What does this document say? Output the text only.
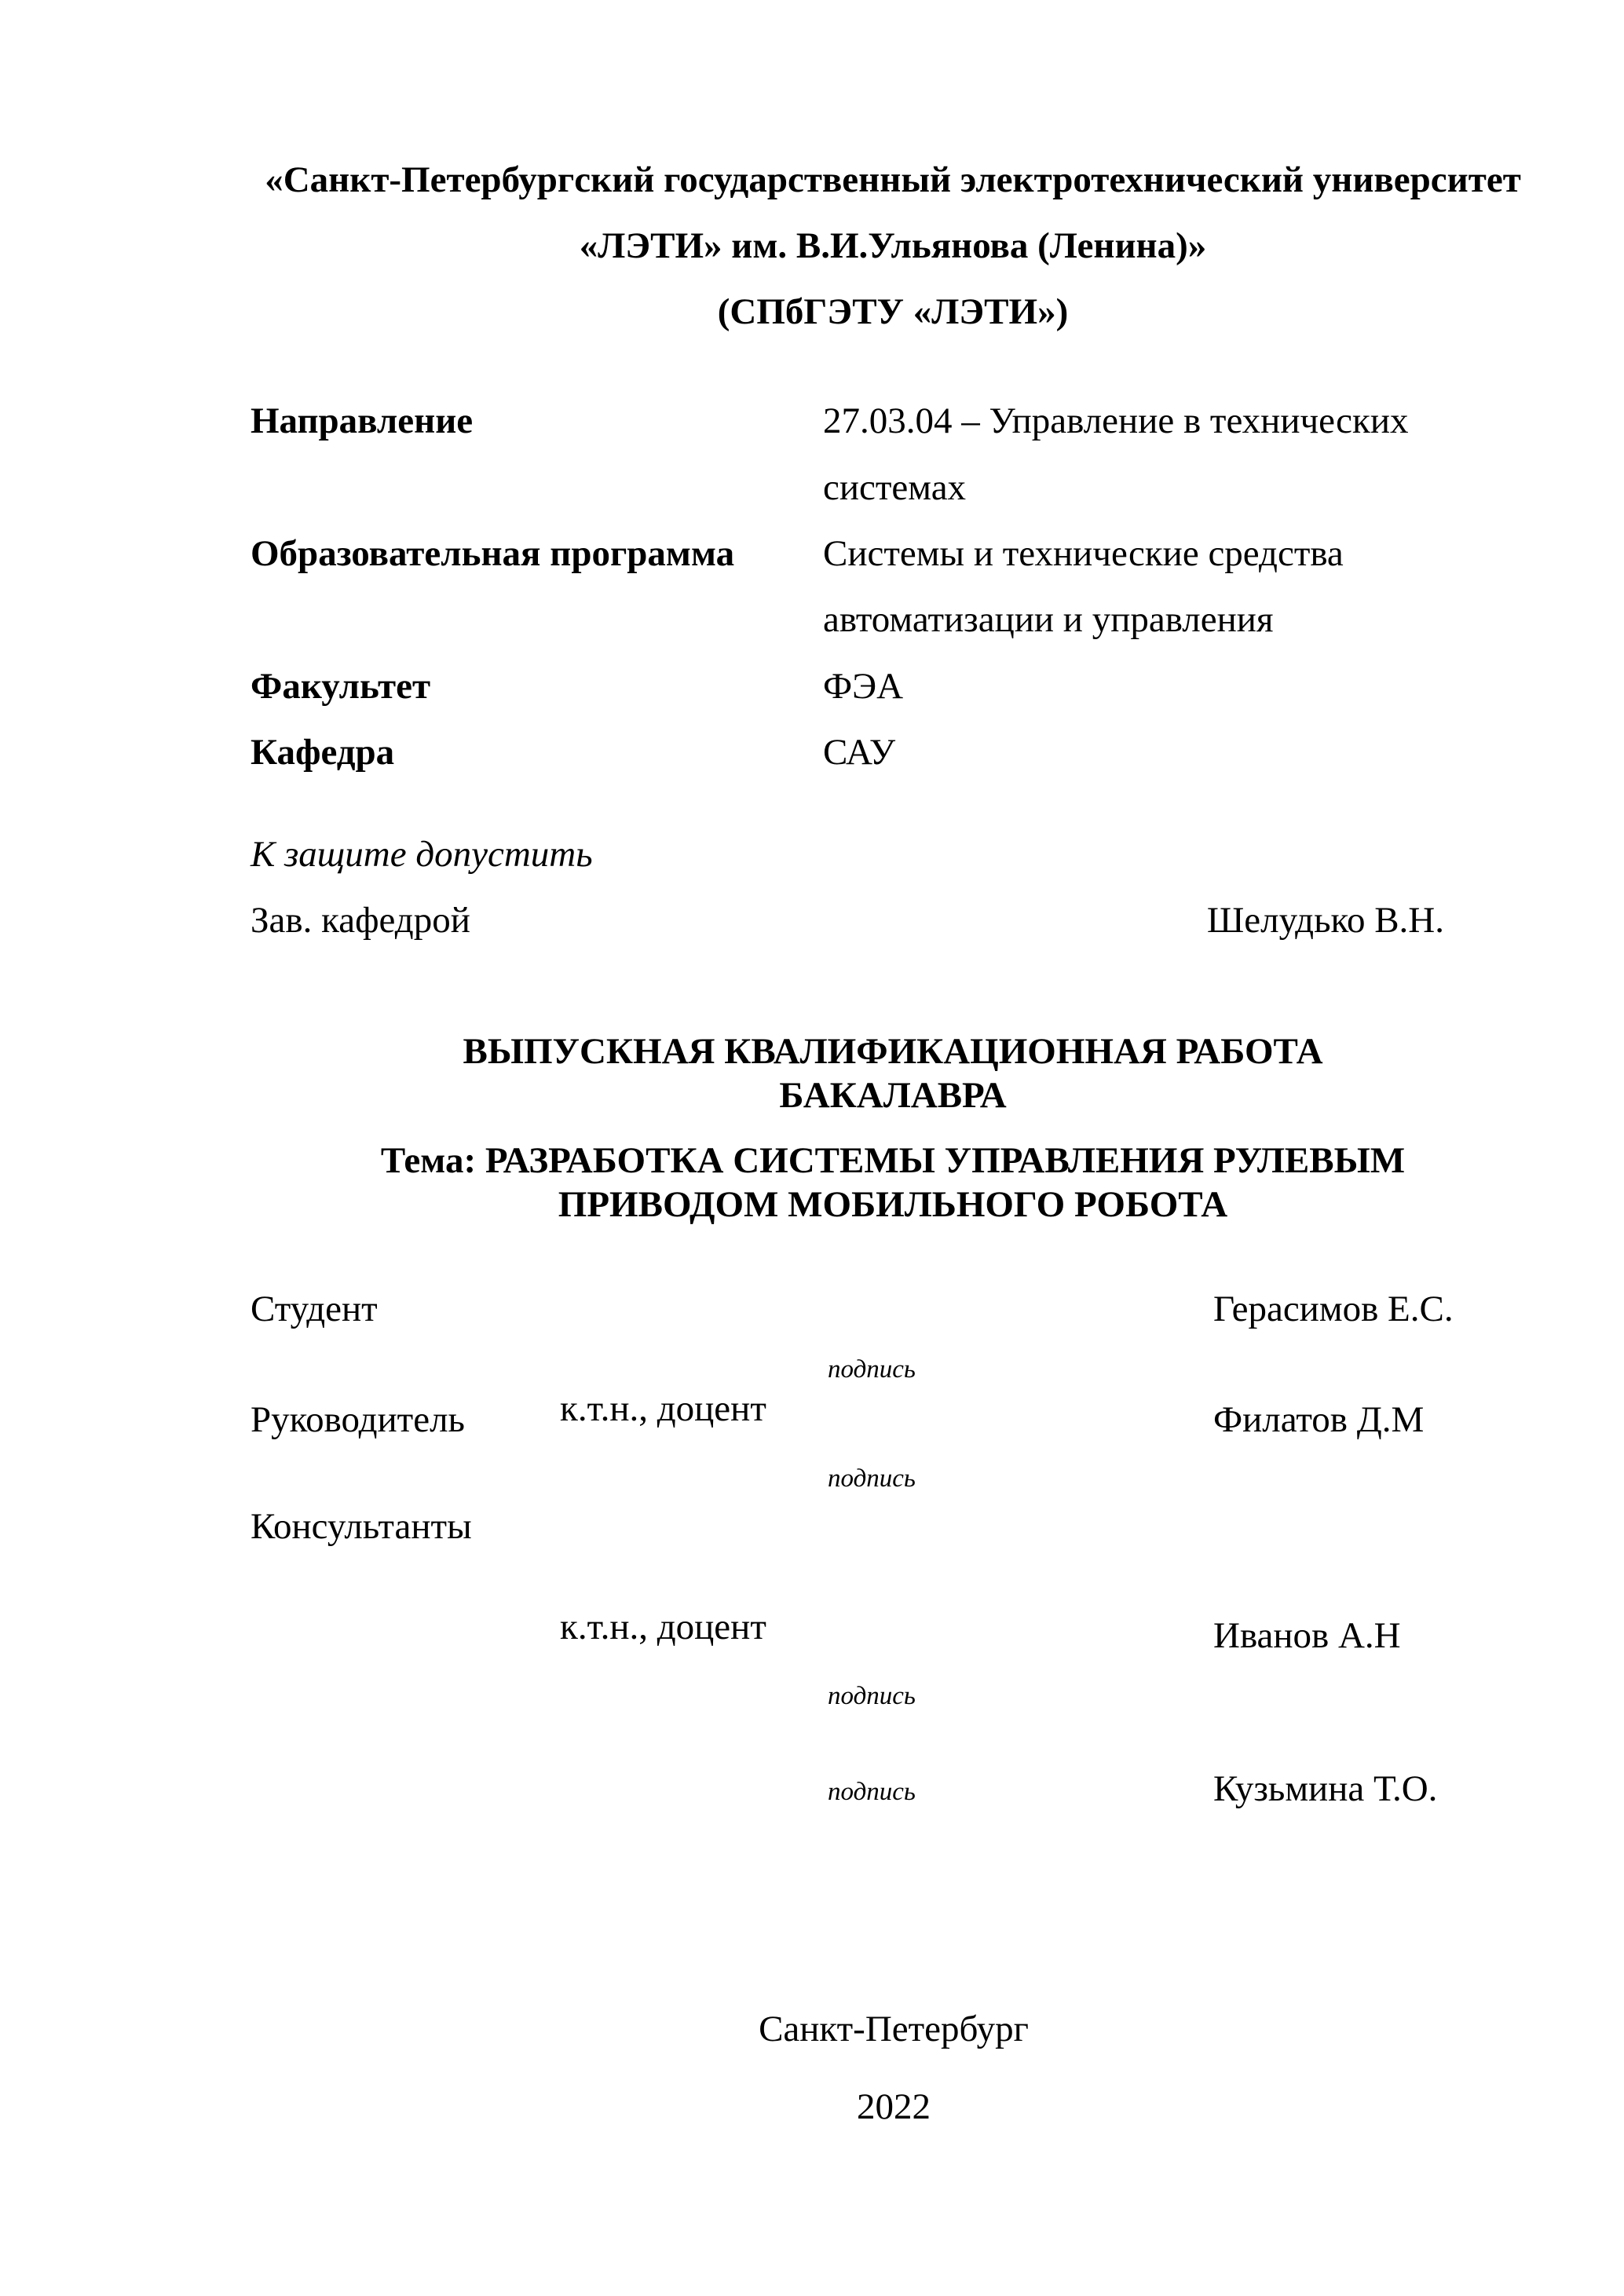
«Санкт-Петербургский государственный электротехнический университет
«ЛЭТИ» им. В.И.Ульянова (Ленина)»
(СПбГЭТУ «ЛЭТИ»)
Направление	27.03.04 – Управление в технических
системах
Образовательная программа Системы и технические средства
автоматизации и управления
Факультет	ФЭА
Кафедра	САУ
К защите допустить
Зав. кафедрой	Шелудько В.Н.
ВЫПУСКНАЯ КВАЛИФИКАЦИОННАЯ РАБОТА
БАКАЛАВРА
Тема: РАЗРАБОТКА СИСТЕМЫ УПРАВЛЕНИЯ РУЛЕВЫМ
ПРИВОДОМ МОБИЛЬНОГО РОБОТА
Студент	Герасимов Е.С.
подпись
Руководитель	к.т.н., доцент	Филатов Д.М
подпись
Консультанты
к.т.н., доцент	Иванов А.Н
подпись
подпись	Кузьмина Т.О.
Санкт-Петербург
2022
